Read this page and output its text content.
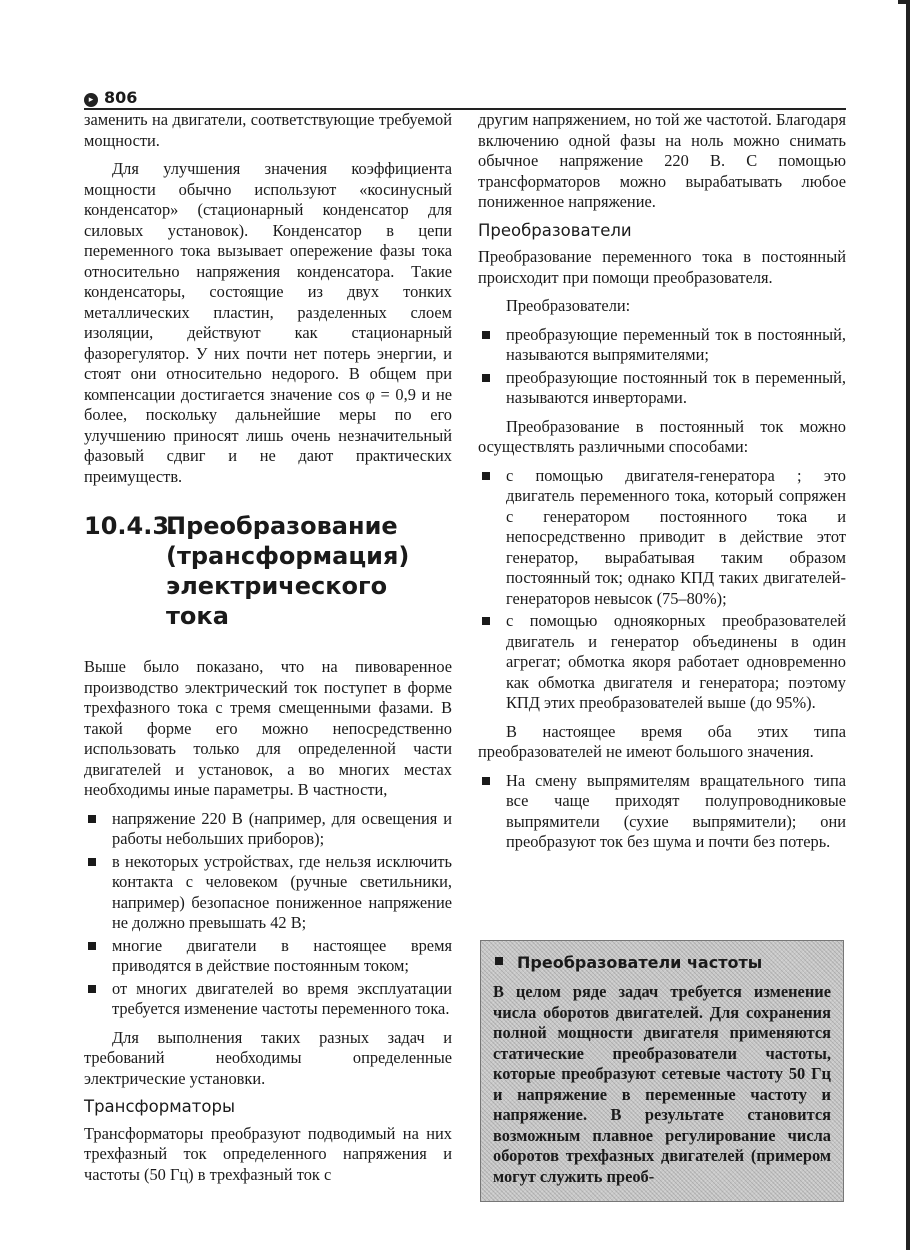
▸ 806

заменить на двигатели, соответствующие требуемой мощности.

Для улучшения значения коэффициента мощности обычно используют «косинусный конденсатор» (стационарный конденсатор для силовых установок). Конденсатор в цепи переменного тока вызывает опережение фазы тока относительно напряжения конденсатора. Такие конденсаторы, состоящие из двух тонких металлических пластин, разделенных слоем изоляции, действуют как стационарный фазорегулятор. У них почти нет потерь энергии, и стоят они относительно недорого. В общем при компенсации достигается значение cos φ = 0,9 и не более, поскольку дальнейшие меры по его улучшению приносят лишь очень незначительный фазовый сдвиг и не дают практических преимуществ.

10.4.3.
Преобразование (трансформация) электрического тока

Выше было показано, что на пивоваренное производство электрический ток поступет в форме трехфазного тока с тремя смещенными фазами. В такой форме его можно непосредственно использовать только для определенной части двигателей и установок, а во многих местах необходимы иные параметры. В частности,

напряжение 220 В (например, для освещения и работы небольших приборов);
в некоторых устройствах, где нельзя исключить контакта с человеком (ручные светильники, например) безопасное пониженное напряжение не должно превышать 42 В;
многие двигатели в настоящее время приводятся в действие постоянным током;
от многих двигателей во время эксплуатации требуется изменение частоты переменного тока.

Для выполнения таких разных задач и требований необходимы определенные электрические установки.

Трансформаторы

Трансформаторы преобразуют подводимый на них трехфазный ток определенного напряжения и частоты (50 Гц) в трехфазный ток с

другим напряжением, но той же частотой. Благодаря включению одной фазы на ноль можно снимать обычное напряжение 220 В. С помощью трансформаторов можно вырабатывать любое пониженное напряжение.

Преобразователи

Преобразование переменного тока в постоянный происходит при помощи преобразователя.

Преобразователи:

преобразующие переменный ток в постоянный, называются выпрямителями;
преобразующие постоянный ток в переменный, называются инверторами.

Преобразование в постоянный ток можно осуществлять различными способами:

с помощью двигателя-генератора ; это двигатель переменного тока, который сопряжен с генератором постоянного тока и непосредственно приводит в действие этот генератор, вырабатывая таким образом постоянный ток; однако КПД таких двигателей-генераторов невысок (75–80%);
с помощью одноякорных преобразователей двигатель и генератор объединены в один агрегат; обмотка якоря работает одновременно как обмотка двигателя и генератора; поэтому КПД этих преобразователей выше (до 95%).

В настоящее время оба этих типа преобразователей не имеют большого значения.

На смену выпрямителям вращательного типа все чаще приходят полупроводниковые выпрямители (сухие выпрямители); они преобразуют ток без шума и почти без потерь.
Преобразователи частоты

В целом ряде задач требуется изменение числа оборотов двигателей. Для сохранения полной мощности двигателя применяются статические преобразователи частоты, которые преобразуют сетевые частоту 50 Гц и напряжение в переменные частоту и напряжение. В результате становится возможным плавное регулирование числа оборотов трехфазных двигателей (примером могут служить преоб-
